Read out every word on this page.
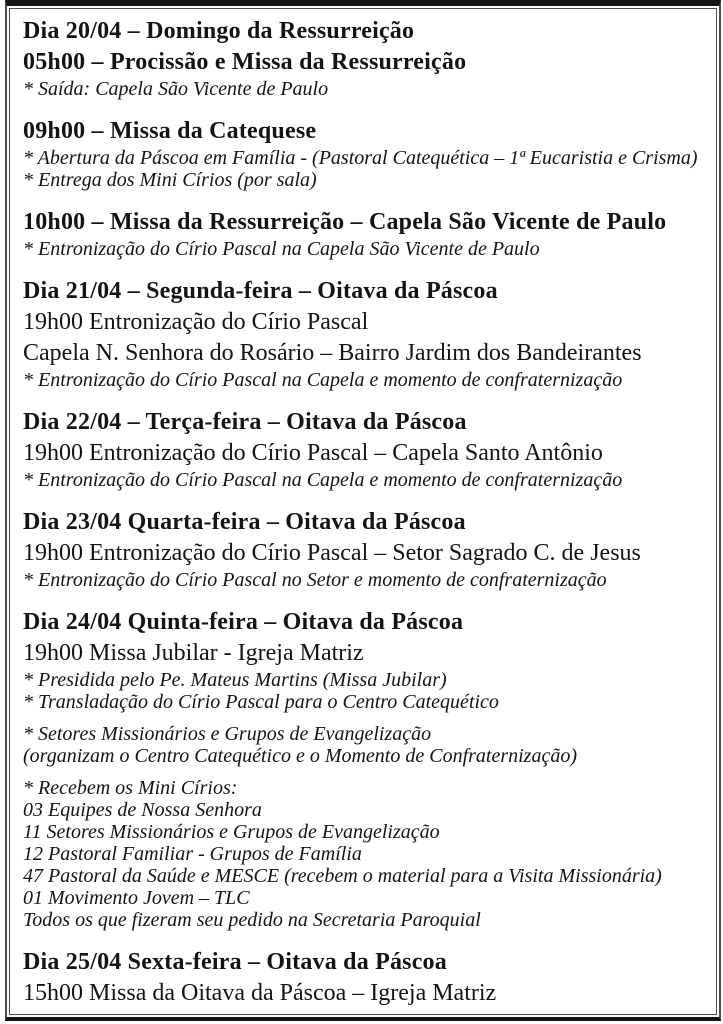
Dia 20/04 – Domingo da Ressurreição

05h00 – Procissão e Missa da Ressurreição

* Saída: Capela São Vicente de Paulo

09h00 – Missa da Catequese

* Abertura da Páscoa em Família - (Pastoral Catequética – 1ª Eucaristia e Crisma)

* Entrega dos Mini Círios (por sala)

10h00 – Missa da Ressurreição – Capela São Vicente de Paulo

* Entronização do Círio Pascal na Capela São Vicente de Paulo

Dia 21/04 – Segunda-feira – Oitava da Páscoa

19h00 Entronização do Círio Pascal

Capela N. Senhora do Rosário – Bairro Jardim dos Bandeirantes

* Entronização do Círio Pascal na Capela e momento de confraternização

Dia 22/04 – Terça-feira – Oitava da Páscoa

19h00 Entronização do Círio Pascal – Capela Santo Antônio

* Entronização do Círio Pascal na Capela e momento de confraternização

Dia 23/04 Quarta-feira – Oitava da Páscoa

19h00 Entronização do Círio Pascal – Setor Sagrado C. de Jesus

* Entronização do Círio Pascal no Setor e momento de confraternização

Dia 24/04 Quinta-feira – Oitava da Páscoa

19h00 Missa Jubilar - Igreja Matriz

* Presidida pelo Pe. Mateus Martins (Missa Jubilar)

* Transladação do Círio Pascal para o Centro Catequético

* Setores Missionários e Grupos de Evangelização

(organizam o Centro Catequético e o Momento de Confraternização)

* Recebem os Mini Círios:

03 Equipes de Nossa Senhora

11 Setores Missionários e Grupos de Evangelização

12 Pastoral Familiar - Grupos de Família

47 Pastoral da Saúde e MESCE (recebem o material para a Visita Missionária)

01 Movimento Jovem – TLC

Todos os que fizeram seu pedido na Secretaria Paroquial

Dia 25/04 Sexta-feira – Oitava da Páscoa

15h00 Missa da Oitava da Páscoa – Igreja Matriz
